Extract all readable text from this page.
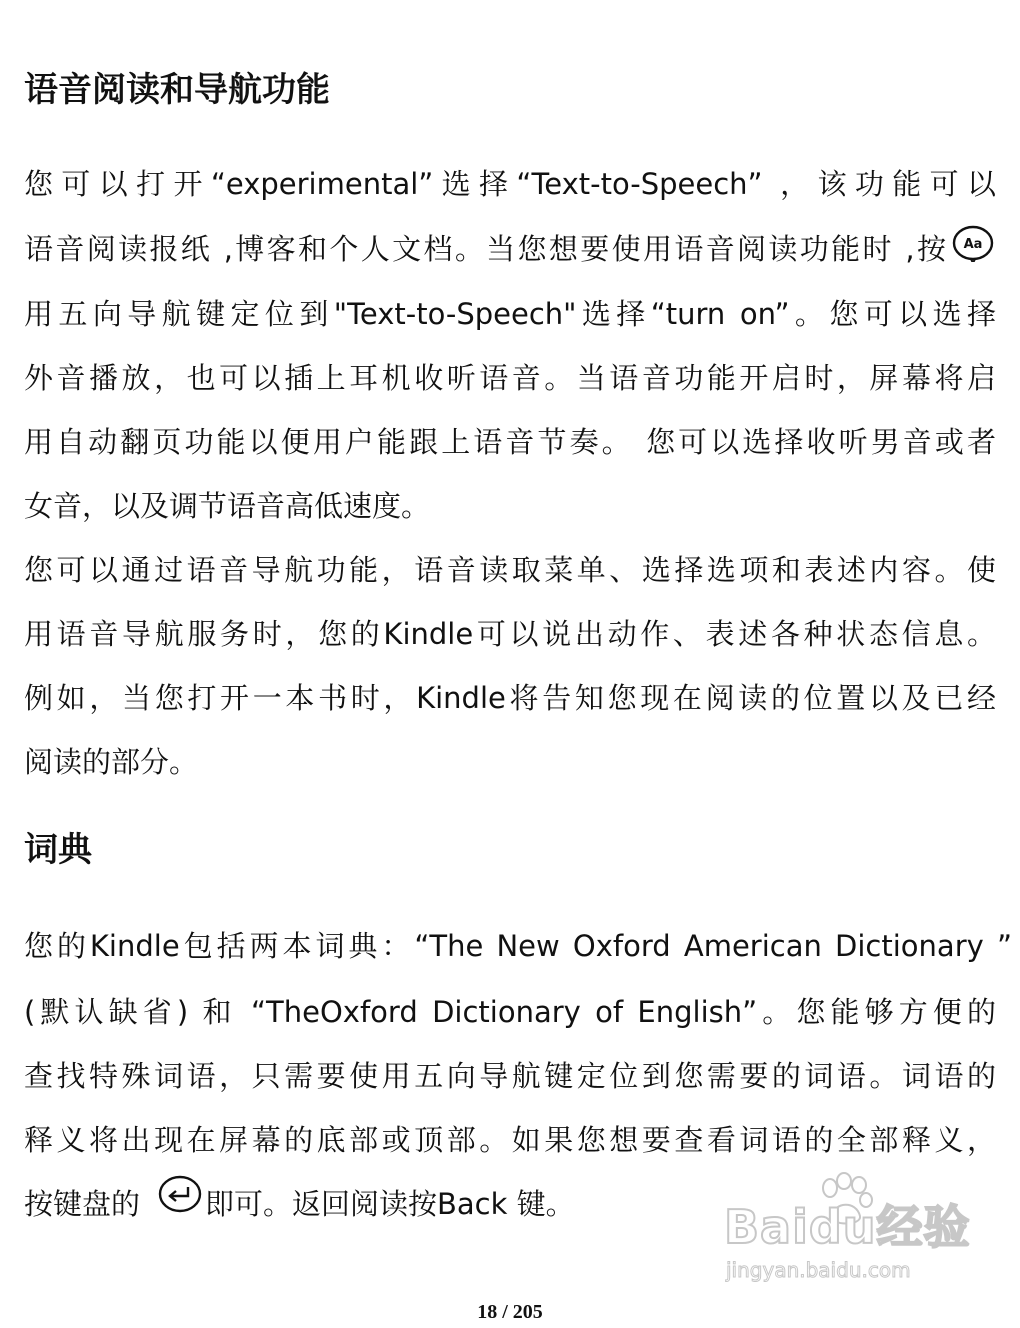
语音阅读和导航功能

您可以打开“experimental”选择“Text-to-Speech” ，该功能可以

语音阅读报纸 ,博客和个人文档。当您想要使用语音阅读功能时 ,按 Aa

用五向导航键定位到"Text-to-Speech"选择“turn on”。您可以选择

外音播放，也可以插上耳机收听语音。当语音功能开启时，屏幕将启

用自动翻页功能以便用户能跟上语音节奏。 您可以选择收听男音或者

女音，以及调节语音高低速度。

您可以通过语音导航功能，语音读取菜单、选择选项和表述内容。使

用语音导航服务时，您的Kindle可以说出动作、表述各种状态信息。

例如，当您打开一本书时，Kindle将告知您现在阅读的位置以及已经

阅读的部分。

词典

您的Kindle包括两本词典：“The New Oxford American Dictionary ”

(默认缺省) 和 “TheOxford Dictionary of English”。您能够方便的

查找特殊词语，只需要使用五向导航键定位到您需要的词语。词语的

释义将出现在屏幕的底部或顶部。如果您想要查看词语的全部释义，

按键盘的 即可。返回阅读按Back 键。	Baidu经验
jingyan.baidu.com
18 / 205
